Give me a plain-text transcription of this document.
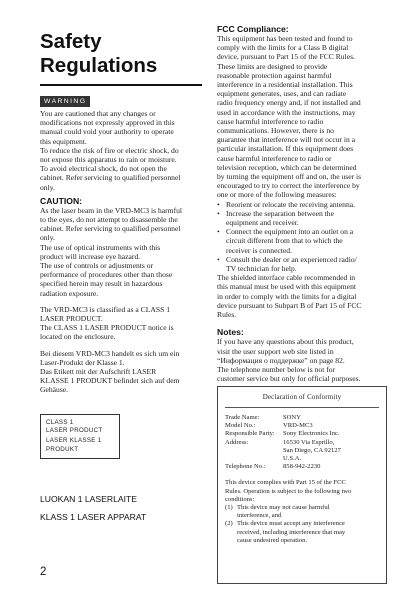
Safety

Regulations

WARNING

You are cautioned that any changes or
modifications not expressly approved in this
manual could void your authority to operate
this equipment.
To reduce the risk of fire or electric shock, do
not expose this apparatus to rain or moisture.
To avoid electrical shock, do not open the
cabinet. Refer servicing to qualified personnel
only.

CAUTION:

As the laser beam in the VRD-MC3 is harmful
to the eyes, do not attempt to disassemble the
cabinet. Refer servicing to qualified personnel
only.
The use of optical instruments with this
product will increase eye hazard.
The use of controls or adjustments or
performance of procedures other than those
specified herein may result in hazardous
radiation exposure.

The VRD-MC3 is classified as a CLASS 1
LASER PRODUCT.
The CLASS 1 LASER PRODUCT notice is
located on the enclosure.

Bei diesem VRD-MC3 handelt es sich um ein
Laser-Produkt der Klasse 1.
Das Etikett mit der Aufschrift LASER
KLASSE 1 PRODUKT befindet sich auf dem
Gehäuse.

CLASS 1

LASER PRODUCT

LASER KLASSE 1

PRODUKT

LUOKAN 1 LASERLAITE

KLASS 1 LASER APPARAT

FCC Compliance:

This equipment has been tested and found to
comply with the limits for a Class B digital
device, pursuant to Part 15 of the FCC Rules.
These limits are designed to provide
reasonable protection against harmful
interference in a residential installation. This
equipment generates, uses, and can radiate
radio frequency energy and, if not installed and
used in accordance with the instructions, may
cause harmful interference to radio
communications. However, there is no
guarantee that interference will not occur in a
particular installation. If this equipment does
cause harmful interference to radio or
television reception, which can be determined
by turning the equipment off and on, the user is
encouraged to try to correct the interference by
one or more of the following measures:

• Reorient or relocate the receiving antenna.
• Increase the separation between the
equipment and receiver.
• Connect the equipment into an outlet on a
circuit different from that to which the
receiver is connected.
• Consult the dealer or an experienced radio/
TV technician for help.

The shielded interface cable recommended in
this manual must be used with this equipment
in order to comply with the limits for a digital
device pursuant to Subpart B of Part 15 of FCC
Rules.

Notes:

If you have any questions about this product,
visit the user support web site listed in
“Информация о поддержке” on page 82.
The telephone number below is not for
customer service but only for official purposes.

Declaration of Conformity

Trade Name:	SONY
Model No.:	VRD-MC3
Responsible Party:	Sony Electronics Inc.
Address:	16530 Via Esprillo,
San Diego, CA 92127
U.S.A.
Telephone No.:	858-942-2230

This device complies with Part 15 of the FCC
Rules. Operation is subject to the following two
conditions:

(1) This device may not cause harmful
interference, and
(2) This device must accept any interference
received, including interference that may
cause undesired operation.
2
